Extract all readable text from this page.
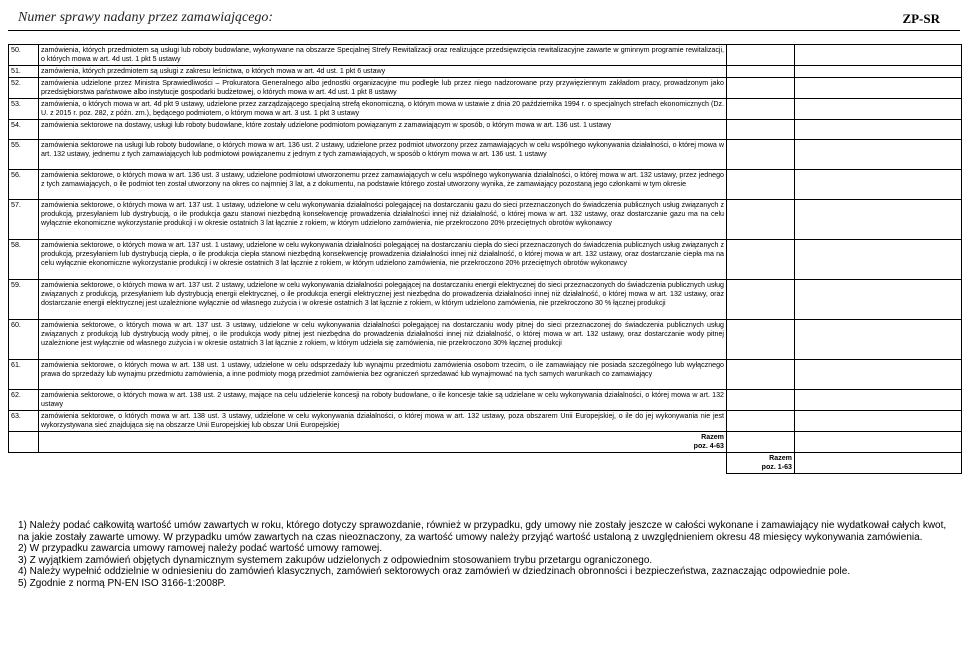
Numer sprawy nadany przez zamawiającego:	ZP-SR
50.	zamówienia, których przedmiotem są usługi lub roboty budowlane, wykonywane na obszarze Specjalnej Strefy Rewitalizacji oraz realizujące przedsięwzięcia rewitalizacyjne zawarte w gminnym programie rewitalizacji, o których mowa w art. 4d ust. 1 pkt 5 ustawy		
51.	zamówienia, których przedmiotem są usługi z zakresu leśnictwa, o których mowa w art. 4d ust. 1 pkt 6 ustawy		
52.	zamówienia udzielone przez Ministra Sprawiedliwości – Prokuratora Generalnego albo jednostki organizacyjne mu podległe lub przez niego nadzorowane przy przywięziennym zakładom pracy, prowadzonym jako przedsiębiorstwa państwowe albo instytucje gospodarki budżetowej, o których mowa w art. 4d ust. 1 pkt 8 ustawy		
53.	zamówienia, o których mowa w art. 4d pkt 9 ustawy, udzielone przez zarządzającego specjalną strefą ekonomiczną, o którym mowa w ustawie z dnia 20 października 1994 r. o specjalnych strefach ekonomicznych (Dz. U. z 2015 r. poz. 282, z późn. zm.), będącego podmiotem, o którym mowa w art. 3 ust. 1 pkt 3 ustawy		
54.	zamówienia sektorowe na dostawy, usługi lub roboty budowlane, które zostały udzielone podmiotom powiązanym z zamawiającym w sposób, o którym mowa w art. 136 ust. 1 ustawy		
55.	zamówienia sektorowe na usługi lub roboty budowlane, o których mowa w art. 136 ust. 2 ustawy, udzielone przez podmiot utworzony przez zamawiających w celu wspólnego wykonywania działalności, o której mowa w art. 132 ustawy, jednemu z tych zamawiających lub podmiotowi powiązanemu z jednym z tych zamawiających, w sposób o którym mowa w art. 136 ust. 1 ustawy		
56.	zamówienia sektorowe, o których mowa w art. 136 ust. 3 ustawy, udzielone podmiotowi utworzonemu przez zamawiających w celu wspólnego wykonywania działalności, o której mowa w art. 132 ustawy, przez jednego z tych zamawiających, o ile podmiot ten został utworzony na okres co najmniej 3 lat, a z dokumentu, na podstawie którego został utworzony wynika, że zamawiający pozostaną jego członkami w tym okresie		
57.	zamówienia sektorowe, o których mowa w art. 137 ust. 1 ustawy, udzielone w celu wykonywania działalności polegającej na dostarczaniu gazu do sieci przeznaczonych do świadczenia publicznych usług związanych z produkcją, przesyłaniem lub dystrybucją, o ile produkcja gazu stanowi niezbędną konsekwencję prowadzenia działalności innej niż działalność, o której mowa w art. 132 ustawy, oraz dostarczanie gazu ma na celu wyłącznie ekonomiczne wykorzystanie produkcji i w okresie ostatnich 3 lat łącznie z rokiem, w którym udzielono zamówienia, nie przekroczono 20% przeciętnych obrotów wykonawcy		
58.	zamówienia sektorowe, o których mowa w art. 137 ust. 1 ustawy, udzielone w celu wykonywania działalności polegającej na dostarczaniu ciepła do sieci przeznaczonych do świadczenia publicznych usług związanych z produkcją, przesyłaniem lub dystrybucją ciepła, o ile produkcja ciepła stanowi niezbędną konsekwencję prowadzenia działalności innej niż działalność, o której mowa w art. 132 ustawy, oraz dostarczanie ciepła ma na celu wyłącznie ekonomiczne wykorzystanie produkcji i w okresie ostatnich 3 lat łącznie z rokiem, w którym udzielono zamówienia, nie przekroczono 20% przeciętnych obrotów wykonawcy		
59.	zamówienia sektorowe, o których mowa w art. 137 ust. 2 ustawy, udzielone w celu wykonywania działalności polegającej na dostarczaniu energii elektrycznej do sieci przeznaczonych do świadczenia publicznych usług związanych z produkcją, przesyłaniem lub dystrybucją energii elektrycznej, o ile produkcja energii elektrycznej jest niezbędna do prowadzenia działalności innej niż działalność, o której mowa w art. 132 ustawy, oraz dostarczanie energii elektrycznej jest uzależnione wyłącznie od własnego zużycia i w okresie ostatnich 3 lat łącznie z rokiem, w którym udzielono zamówienia, nie przekroczono 30 % łącznej produkcji		
60.	zamówienia sektorowe, o których mowa w art. 137 ust. 3 ustawy, udzielone w celu wykonywania działalności polegającej na dostarczaniu wody pitnej do sieci przeznaczonej do świadczenia publicznych usług związanych z produkcją lub dystrybucją wody pitnej, o ile produkcja wody pitnej jest niezbędna do prowadzenia działalności innej niż działalność, o której mowa w art. 132 ustawy, oraz dostarczanie wody pitnej uzależnione jest wyłącznie od własnego zużycia i w okresie ostatnich 3 lat łącznie z rokiem, w którym udzieła się zamówienia, nie przekroczono 30% łącznej produkcji		
61.	zamówienia sektorowe, o których mowa w art. 138 ust. 1 ustawy, udzielone w celu odsprzedaży lub wynajmu przedmiotu zamówienia osobom trzecim, o ile zamawiający nie posiada szczególnego lub wyłącznego prawa do sprzedaży lub wynajmu przedmiotu zamówienia, a inne podmioty mogą przedmiot zamówienia bez ograniczeń sprzedawać lub wynajmować na tych samych warunkach co zamawiający		
62.	zamówienia sektorowe, o których mowa w art. 138 ust. 2 ustawy, mające na celu udzielenie koncesji na roboty budowlane, o ile koncesje takie są udzielane w celu wykonywania działalności, o której mowa w art. 132 ustawy		
63.	zamówienia sektorowe, o których mowa w art. 138 ust. 3 ustawy, udzielone w celu wykonywania działalności, o której mowa w art. 132 ustawy, poza obszarem Unii Europejskiej, o ile do jej wykonywania nie jest wykorzystywana sieć znajdująca się na obszarze Unii Europejskiej lub obszar Unii Europejskiej		
	Razem
poz. 4-63		
		Razem
poz. 1-63	

1) Należy podać całkowitą wartość umów zawartych w roku, którego dotyczy sprawozdanie, również w przypadku, gdy umowy nie zostały jeszcze w całości wykonane i zamawiający nie wydatkował całych kwot, na jakie zostały zawarte umowy. W przypadku umów zawartych na czas nieoznaczony, za wartość umowy należy przyjąć wartość ustaloną z uwzględnieniem okresu 48 miesięcy wykonywania zamówienia.

2) W przypadku zawarcia umowy ramowej należy podać wartość umowy ramowej.

3) Z wyjątkiem zamówień objętych dynamicznym systemem zakupów udzielonych z odpowiednim stosowaniem trybu przetargu ograniczonego.

4) Należy wypełnić oddzielnie w odniesieniu do zamówień klasycznych, zamówień sektorowych oraz zamówień w dziedzinach obronności i bezpieczeństwa, zaznaczając odpowiednie pole.

5) Zgodnie z normą PN-EN ISO 3166-1:2008P.
